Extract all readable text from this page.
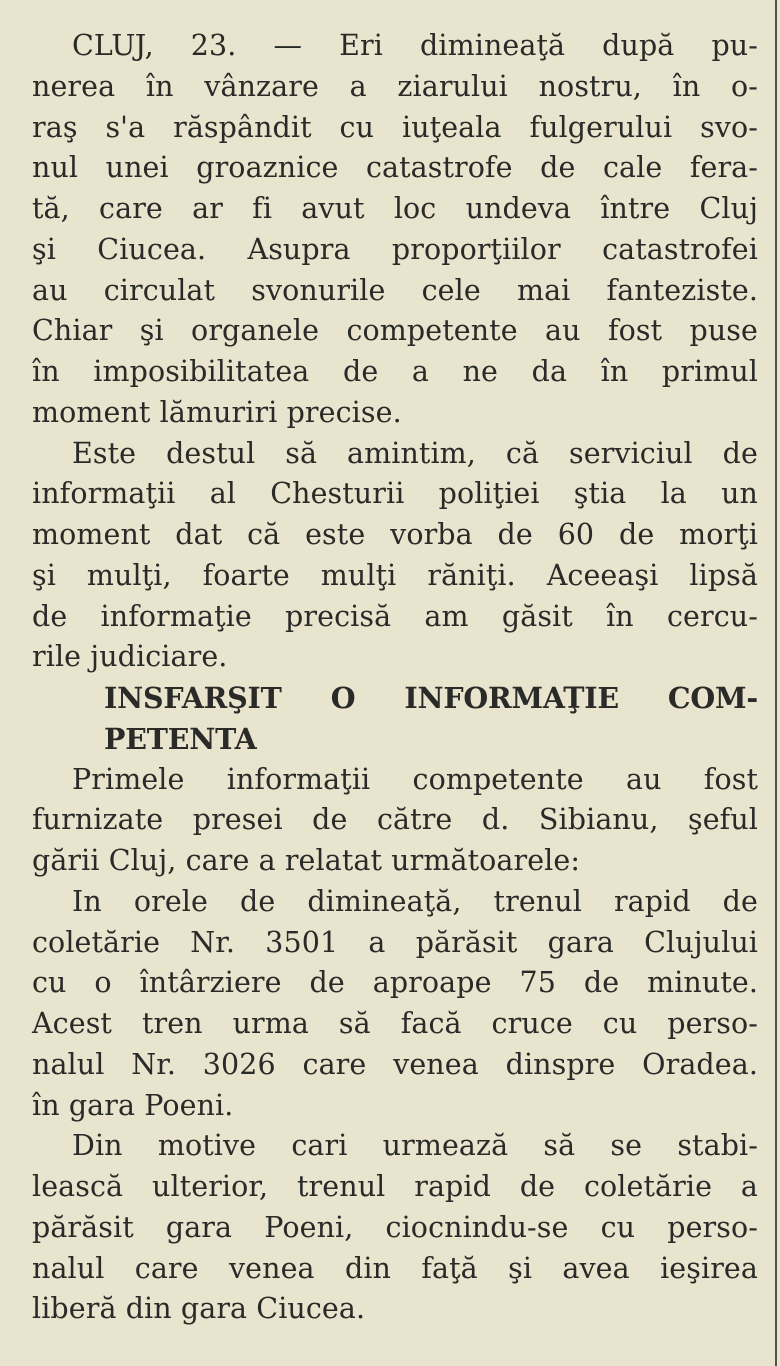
CLUJ, 23. — Eri dimineaţă după pu-
nerea în vânzare a ziarului nostru, în o-
raş s'a răspândit cu iuţeala fulgerului svo-
nul unei groaznice catastrofe de cale fera-
tă, care ar fi avut loc undeva între Cluj
şi Ciucea. Asupra proporţiilor catastrofei
au circulat svonurile cele mai fanteziste.
Chiar şi organele competente au fost puse
în imposibilitatea de a ne da în primul
moment lămuriri precise.
Este destul să amintim, că serviciul de
informaţii al Chesturii poliţiei ştia la un
moment dat că este vorba de 60 de morţi
şi mulţi, foarte mulţi răniţi. Aceeaşi lipsă
de informaţie precisă am găsit în cercu-
rile judiciare.
INSFARŞIT O INFORMAŢIE COM-
PETENTA
Primele informaţii competente au fost
furnizate presei de către d. Sibianu, şeful
gării Cluj, care a relatat următoarele:
In orele de dimineaţă, trenul rapid de
coletărie Nr. 3501 a părăsit gara Clujului
cu o întârziere de aproape 75 de minute.
Acest tren urma să facă cruce cu perso-
nalul Nr. 3026 care venea dinspre Oradea.
în gara Poeni.
Din motive cari urmează să se stabi-
lească ulterior, trenul rapid de coletărie a
părăsit gara Poeni, ciocnindu-se cu perso-
nalul care venea din faţă şi avea ieşirea
liberă din gara Ciucea.
